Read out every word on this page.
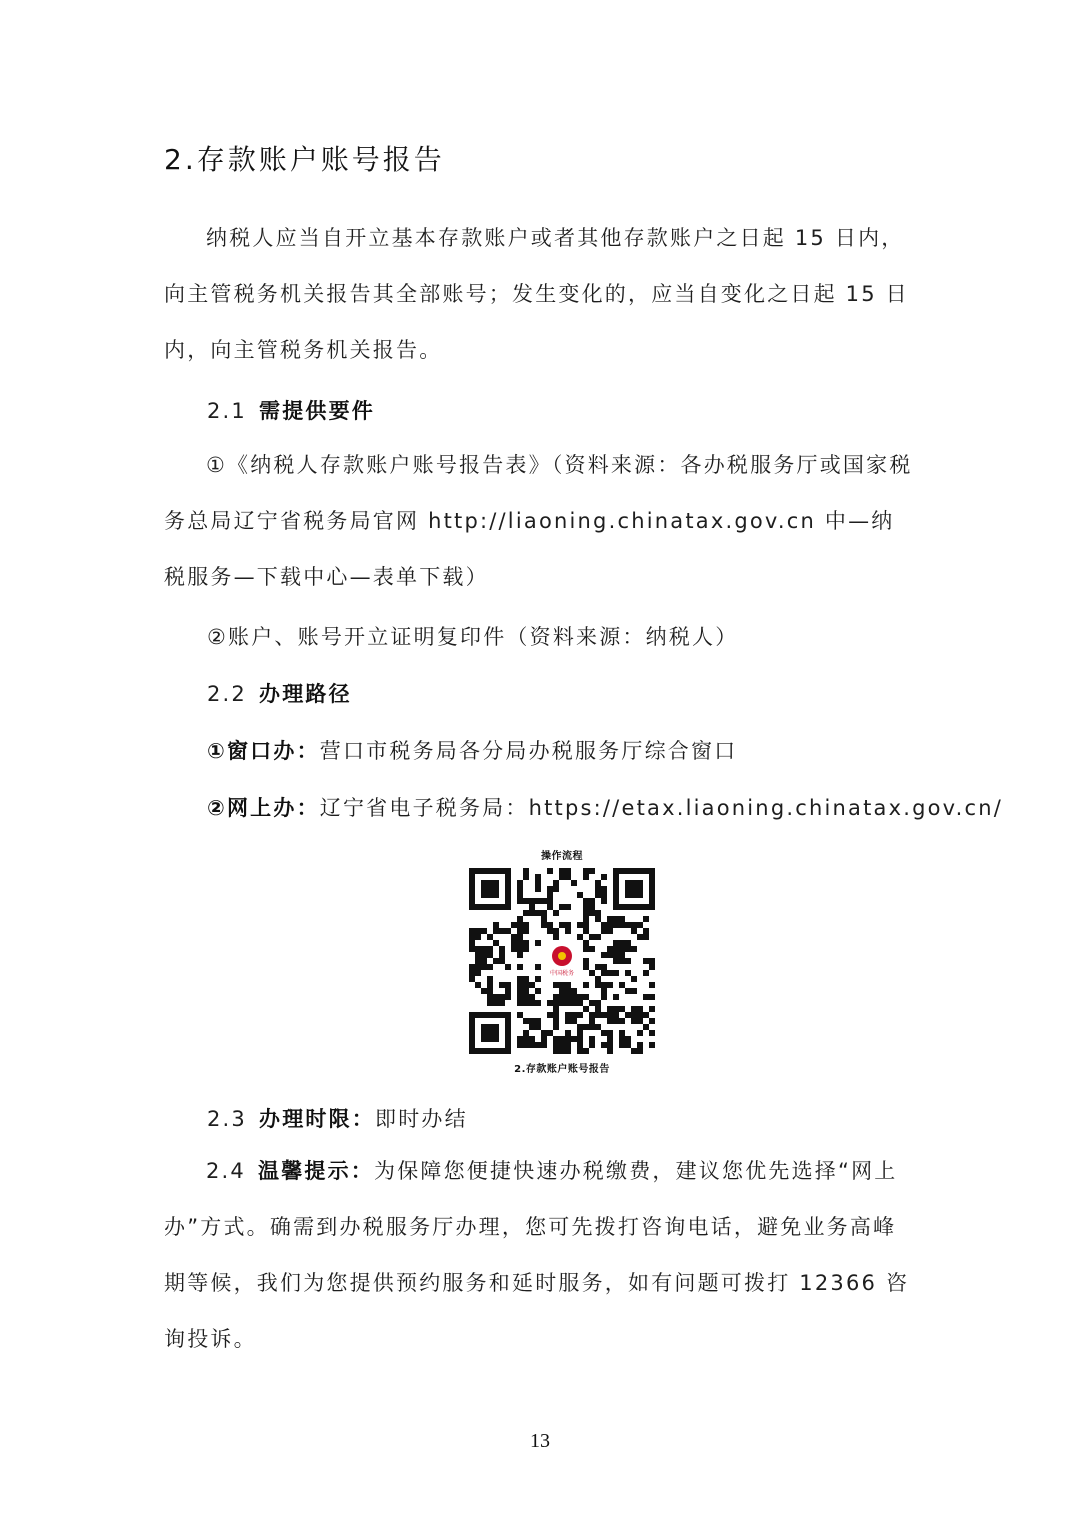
2.存款账户账号报告
纳税人应当自开立基本存款账户或者其他存款账户之日起 15 日内，向主管税务机关报告其全部账号；发生变化的，应当自变化之日起 15 日内，向主管税务机关报告。
2.1 需提供要件
①《纳税人存款账户账号报告表》（资料来源：各办税服务厅或国家税务总局辽宁省税务局官网 http://liaoning.chinatax.gov.cn 中—纳税服务—下载中心—表单下载）
②账户、账号开立证明复印件（资料来源：纳税人）
2.2 办理路径
①窗口办：营口市税务局各分局办税服务厅综合窗口
②网上办：辽宁省电子税务局：https://etax.liaoning.chinatax.gov.cn/
操作流程
中国税务
2.存款账户账号报告
2.3 办理时限：即时办结
2.4 温馨提示：为保障您便捷快速办税缴费，建议您优先选择“网上办”方式。确需到办税服务厅办理，您可先拨打咨询电话，避免业务高峰期等候，我们为您提供预约服务和延时服务，如有问题可拨打 12366 咨询投诉。
13
